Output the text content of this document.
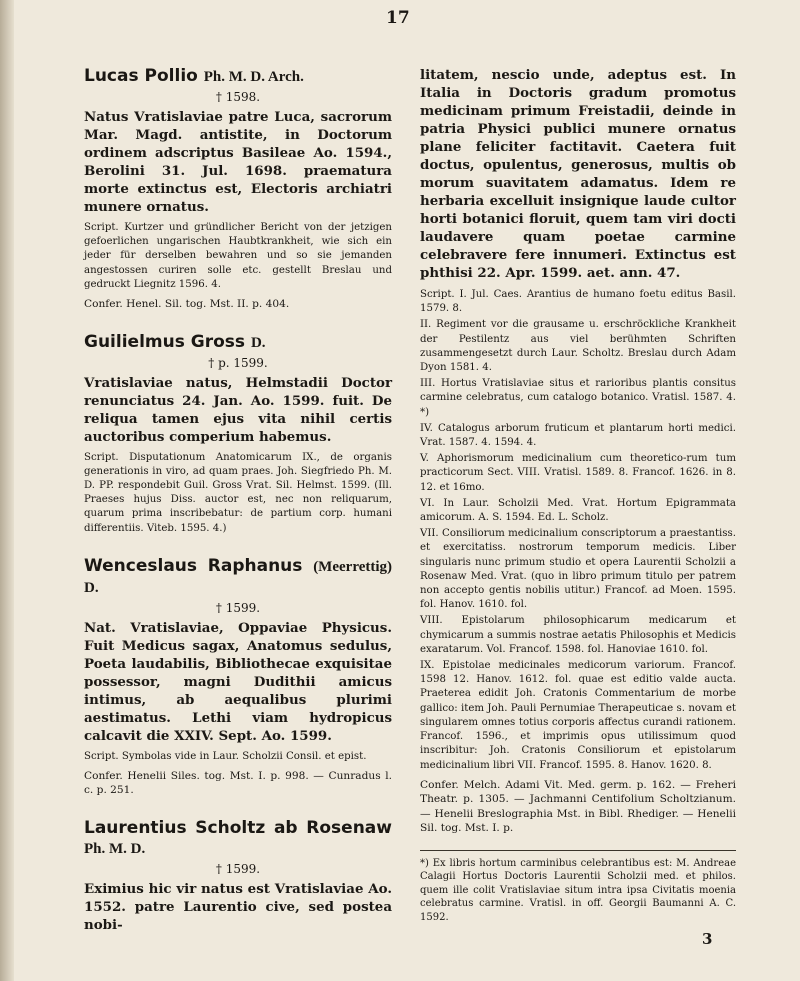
17

Lucas Pollio Ph. M. D. Arch.

† 1598.

Natus Vratislaviae patre Luca, sacrorum Mar. Magd. antistite, in Doctorum ordinem adscriptus Basileae Ao. 1594., Berolini 31. Jul. 1698. praematura morte extinctus est, Electoris archiatri munere ornatus.

Script. Kurtzer und gründlicher Bericht von der jetzigen gefoerlichen ungarischen Haubtkrankheit, wie sich ein jeder für derselben bewahren und so sie jemanden angestossen curiren solle etc. gestellt Breslau und gedruckt Liegnitz 1596. 4.

Confer. Henel. Sil. tog. Mst. II. p. 404.

Guilielmus Gross D.

† p. 1599.

Vratislaviae natus, Helmstadii Doctor renunciatus 24. Jan. Ao. 1599. fuit. De reliqua tamen ejus vita nihil certis auctoribus comperium habemus.

Script. Disputationum Anatomicarum IX., de organis generationis in viro, ad quam praes. Joh. Siegfriedo Ph. M. D. PP. respondebit Guil. Gross Vrat. Sil. Helmst. 1599. (Ill. Praeses hujus Diss. auctor est, nec non reliquarum, quarum prima inscribebatur: de partium corp. humani differentiis. Viteb. 1595. 4.)

Wenceslaus Raphanus (Meerrettig) D.

† 1599.

Nat. Vratislaviae, Oppaviae Physicus. Fuit Medicus sagax, Anatomus sedulus, Poeta laudabilis, Bibliothecae exquisitae possessor, magni Dudithii amicus intimus, ab aequalibus plurimi aestimatus. Lethi viam hydropicus calcavit die XXIV. Sept. Ao. 1599.

Script. Symbolas vide in Laur. Scholzii Consil. et epist.

Confer. Henelii Siles. tog. Mst. I. p. 998. — Cunradus l. c. p. 251.

Laurentius Scholtz ab Rosenaw Ph. M. D.

† 1599.

Eximius hic vir natus est Vratislaviae Ao. 1552. patre Laurentio cive, sed postea nobi-

litatem, nescio unde, adeptus est. In Italia in Doctoris gradum promotus medicinam primum Freistadii, deinde in patria Physici publici munere ornatus plane feliciter factitavit. Caetera fuit doctus, opulentus, generosus, multis ob morum suavitatem adamatus. Idem re herbaria excelluit insignique laude cultor horti botanici floruit, quem tam viri docti laudavere quam poetae carmine celebravere fere innumeri. Extinctus est phthisi 22. Apr. 1599. aet. ann. 47.

Script. I. Jul. Caes. Arantius de humano foetu editus Basil. 1579. 8.

II. Regiment vor die grausame u. erschröckliche Krankheit der Pestilentz aus viel berühmten Schriften zusammengesetzt durch Laur. Scholtz. Breslau durch Adam Dyon 1581. 4.

III. Hortus Vratislaviae situs et rarioribus plantis consitus carmine celebratus, cum catalogo botanico. Vratisl. 1587. 4. *)

IV. Catalogus arborum fruticum et plantarum horti medici. Vrat. 1587. 4. 1594. 4.

V. Aphorismorum medicinalium cum theoretico-rum tum practicorum Sect. VIII. Vratisl. 1589. 8. Francof. 1626. in 8. 12. et 16mo.

VI. In Laur. Scholzii Med. Vrat. Hortum Epigrammata amicorum. A. S. 1594. Ed. L. Scholz.

VII. Consiliorum medicinalium conscriptorum a praestantiss. et exercitatiss. nostrorum temporum medicis. Liber singularis nunc primum studio et opera Laurentii Scholzii a Rosenaw Med. Vrat. (quo in libro primum titulo per patrem non accepto gentis nobilis utitur.) Francof. ad Moen. 1595. fol. Hanov. 1610. fol.

VIII. Epistolarum philosophicarum medicarum et chymicarum a summis nostrae aetatis Philosophis et Medicis exaratarum. Vol. Francof. 1598. fol. Hanoviae 1610. fol.

IX. Epistolae medicinales medicorum variorum. Francof. 1598 12. Hanov. 1612. fol. quae est editio valde aucta. Praeterea edidit Joh. Cratonis Commentarium de morbe gallico: item Joh. Pauli Pernumiae Therapeuticae s. novam et singularem omnes totius corporis affectus curandi rationem. Francof. 1596., et imprimis opus utilissimum quod inscribitur: Joh. Cratonis Consiliorum et epistolarum medicinalium libri VII. Francof. 1595. 8. Hanov. 1620. 8.

Confer. Melch. Adami Vit. Med. germ. p. 162. — Freheri Theatr. p. 1305. — Jachmanni Centifolium Scholtzianum. — Henelii Breslographia Mst. in Bibl. Rhediger. — Henelii Sil. tog. Mst. I. p.

*) Ex libris hortum carminibus celebrantibus est: M. Andreae Calagii Hortus Doctoris Laurentii Scholzii med. et philos. quem ille colit Vratislaviae situm intra ipsa Civitatis moenia celebratus carmine. Vratisl. in off. Georgii Baumanni A. C. 1592.

3
